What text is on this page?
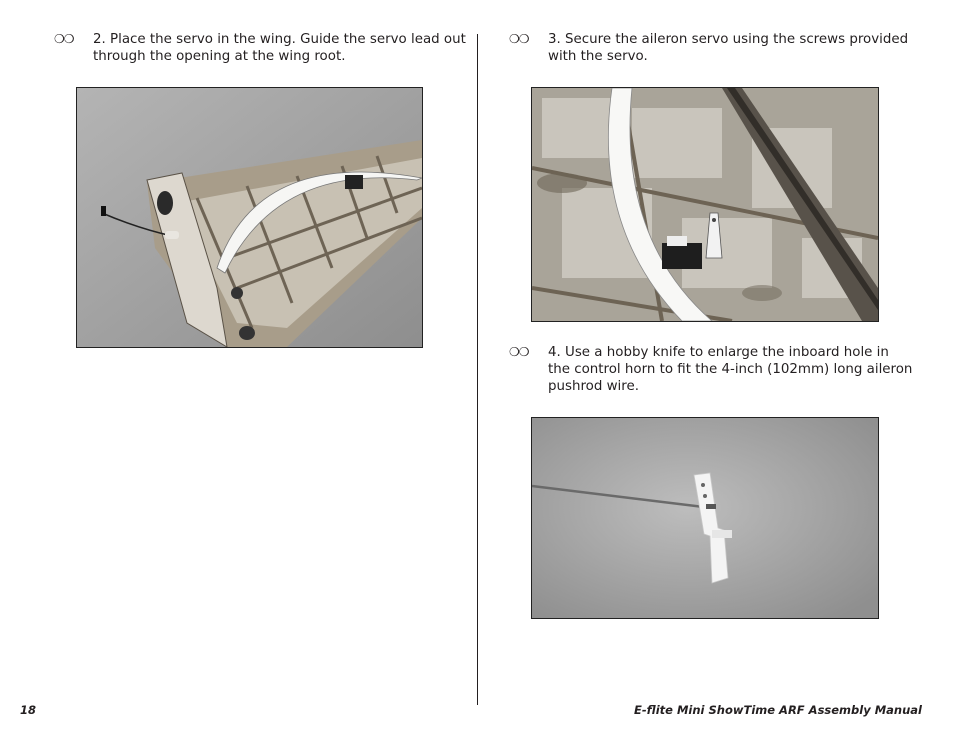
❍❍ 2. Place the servo in the wing. Guide the servo lead out
through the opening at the wing root.
❍❍ 3. Secure the aileron servo using the screws provided
with the servo.
❍❍ 4. Use a hobby knife to enlarge the inboard hole in
the control horn to fit the 4-inch (102mm) long aileron
pushrod wire.
18	E-flite Mini ShowTime ARF Assembly Manual
